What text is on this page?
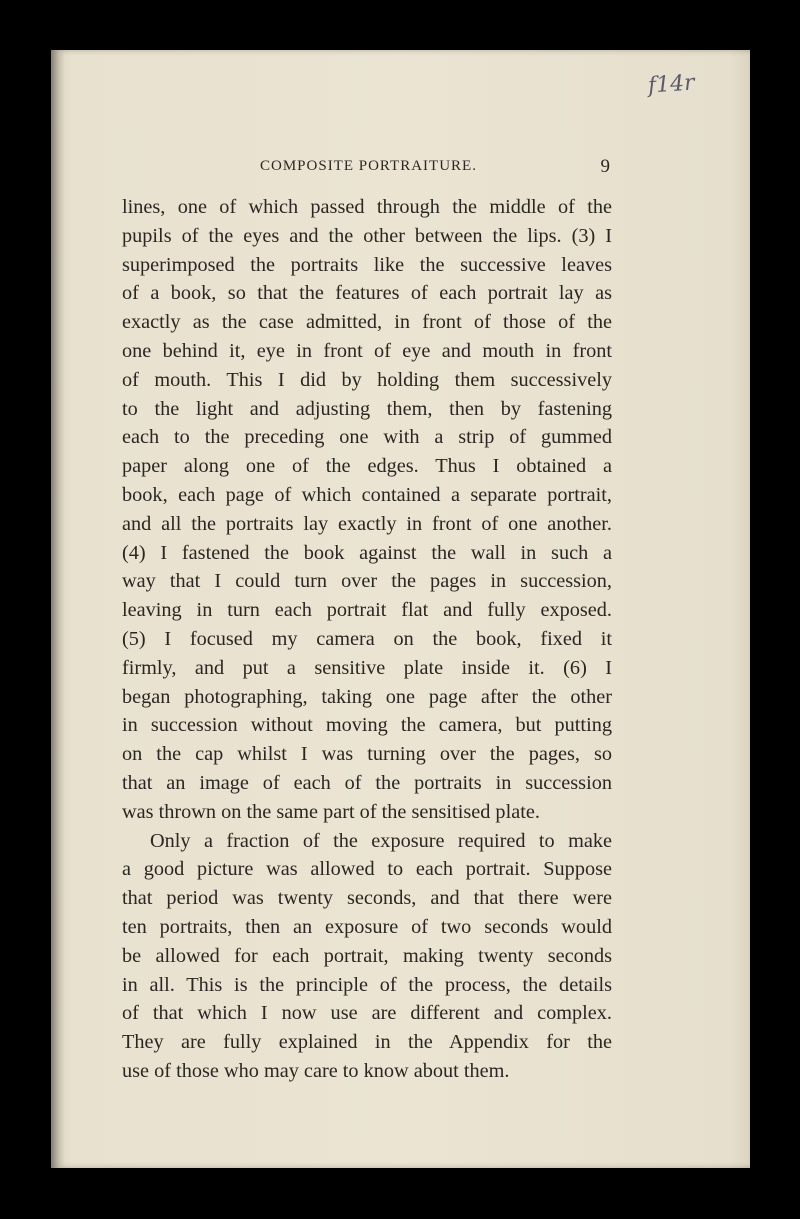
f14r
COMPOSITE PORTRAITURE.	9
lines, one of which passed through the middle of the
pupils of the eyes and the other between the lips. (3) I
superimposed the portraits like the successive leaves
of a book, so that the features of each portrait lay as
exactly as the case admitted, in front of those of the
one behind it, eye in front of eye and mouth in front
of mouth. This I did by holding them successively
to the light and adjusting them, then by fastening
each to the preceding one with a strip of gummed
paper along one of the edges. Thus I obtained a
book, each page of which contained a separate portrait,
and all the portraits lay exactly in front of one another.
(4) I fastened the book against the wall in such a
way that I could turn over the pages in succession,
leaving in turn each portrait flat and fully exposed.
(5) I focused my camera on the book, fixed it
firmly, and put a sensitive plate inside it. (6) I
began photographing, taking one page after the other
in succession without moving the camera, but putting
on the cap whilst I was turning over the pages, so
that an image of each of the portraits in succession
was thrown on the same part of the sensitised plate.
Only a fraction of the exposure required to make
a good picture was allowed to each portrait. Suppose
that period was twenty seconds, and that there were
ten portraits, then an exposure of two seconds would
be allowed for each portrait, making twenty seconds
in all. This is the principle of the process, the details
of that which I now use are different and complex.
They are fully explained in the Appendix for the
use of those who may care to know about them.
